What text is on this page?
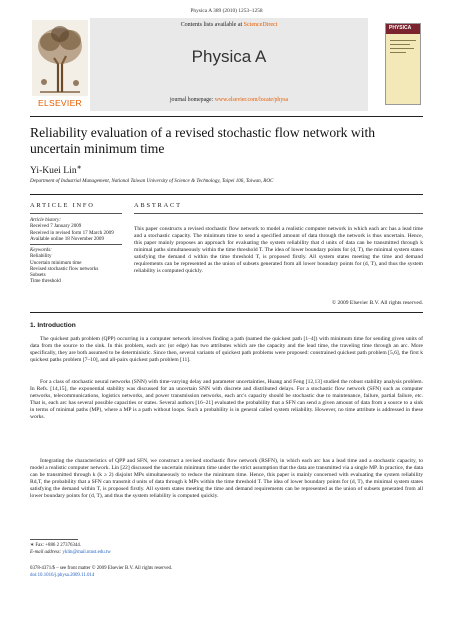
Physica A 389 (2010) 1253–1258
ELSEVIER
Contents lists available at ScienceDirect
Physica A
journal homepage: www.elsevier.com/locate/physa
PHYSICA
Reliability evaluation of a revised stochastic flow network with uncertain minimum time
Yi-Kuei Lin∗
Department of Industrial Management, National Taiwan University of Science & Technology, Taipei 106, Taiwan, ROC
ARTICLE INFO	ABSTRACT
Article history:
Received 7 January 2009
Received in revised form 17 March 2009
Available online 18 November 2009
Keywords:
Reliability
Uncertain minimum time
Revised stochastic flow networks
Subsets
Time threshold
This paper constructs a revised stochastic flow network to model a realistic computer network in which each arc has a lead time and a stochastic capacity. The minimum time to send a specified amount of data through the network is thus uncertain. Hence, this paper mainly proposes an approach for evaluating the system reliability that d units of data can be transmitted through k minimal paths simultaneously within the time threshold T. The idea of lower boundary points for (d, T), the minimal system states satisfying the demand d within the time threshold T, is proposed firstly. All system states meeting the time and demand requirements can be represented as the union of subsets generated from all lower boundary points for (d, T), and thus the system reliability is computed quickly.
© 2009 Elsevier B.V. All rights reserved.
1. Introduction

The quickest path problem (QPP) occurring in a computer network involves finding a path (named the quickest path [1–4]) with minimum time for sending given units of data from the source to the sink. In this problem, each arc (or edge) has two attributes which are the capacity and the lead time, the traveling time through an arc. More specifically, they are both assumed to be deterministic. Since then, several variants of quickest path problems were proposed: constrained quickest path problem [5,6], the first k quickest paths problem [7–10], and all-pairs quickest path problem [11].

For a class of stochastic neural networks (SNN) with time-varying delay and parameter uncertainties, Huang and Feng [12,13] studied the robust stability analysis problem. In Refs. [14,15], the exponential stability was discussed for an uncertain SNN with discrete and distributed delays. For a stochastic flow network (SFN) such as computer networks, telecommunications, logistics networks, and power transmission networks, each arc's capacity should be stochastic due to maintenance, failure, partial failure, etc. That is, each arc has several possible capacities or states. Several authors [16–21] evaluated the probability that a SFN can send a given amount of data from a source to a sink in terms of minimal paths (MP), where a MP is a path without loops. Such a probability is in general called system reliability. However, no time attribute is addressed in these works.

Integrating the characteristics of QPP and SFN, we construct a revised stochastic flow network (RSFN), in which each arc has a lead time and a stochastic capacity, to model a realistic computer network. Lin [22] discussed the uncertain minimum time under the strict assumption that the data are transmitted via a single MP. In practice, the data can be transmitted through k (k ≥ 2) disjoint MPs simultaneously to reduce the minimum time. Hence, this paper is mainly concerned with evaluating the system reliability Rd,T, the probability that a SFN can transmit d units of data through k MPs within the time threshold T. The idea of lower boundary points for (d, T), the minimal system states satisfying the demand within T, is proposed firstly. All system states meeting the time and demand requirements can be represented as the union of subsets generated from all lower boundary points for (d, T), and thus the system reliability is computed quickly.

∗ Fax: +886 2 27376344.
E-mail address: yklin@mail.ntust.edu.tw
0378-4371/$ – see front matter © 2009 Elsevier B.V. All rights reserved.
doi:10.1016/j.physa.2009.11.014
